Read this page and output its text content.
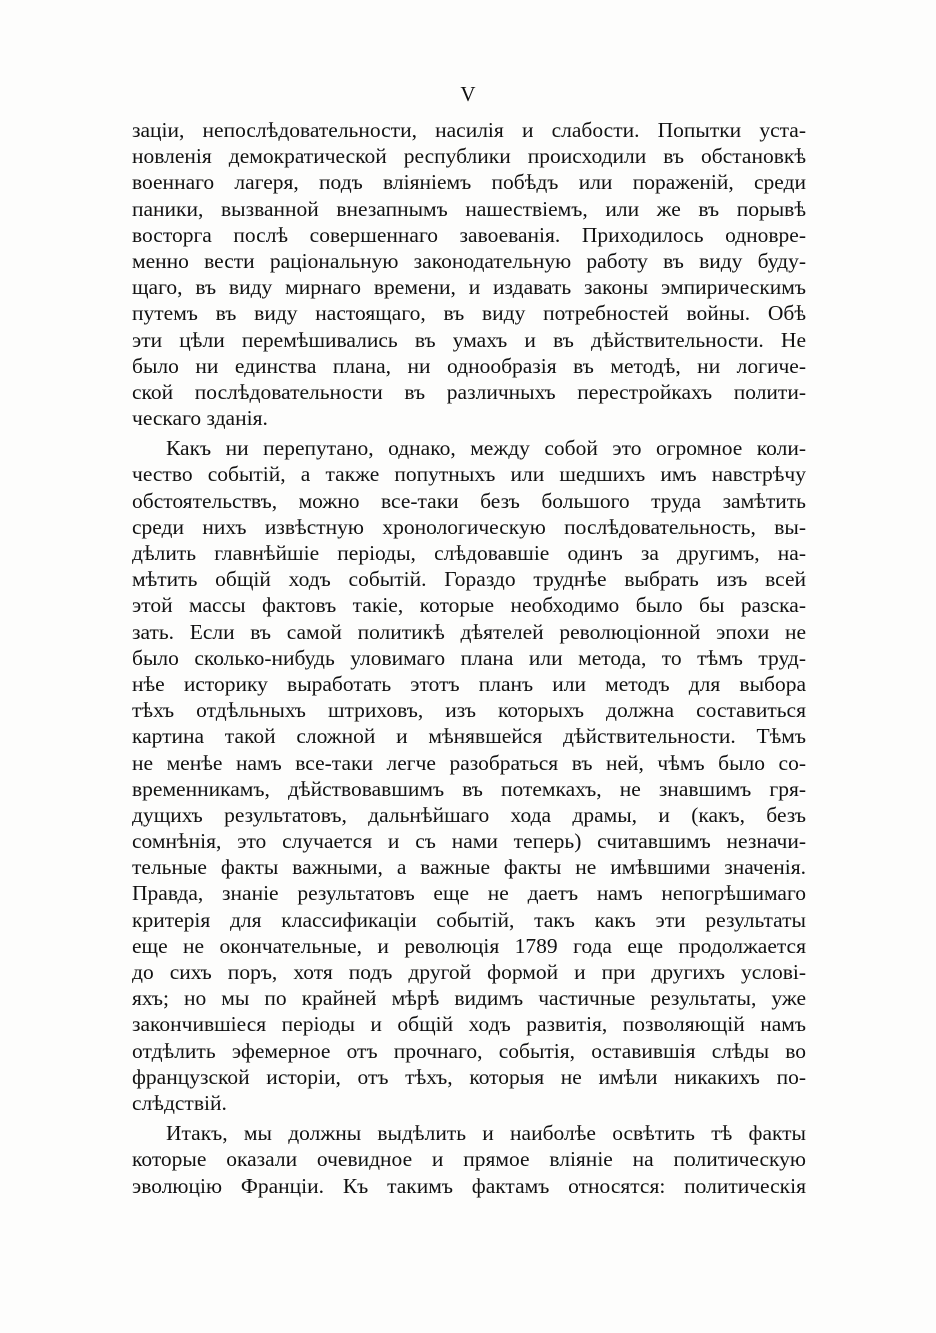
V

заціи, непослѣдовательности, насилія и слабости. Попытки уста-
новленія демократической республики происходили въ обстановкѣ
военнаго лагеря, подъ вліяніемъ побѣдъ или пораженій, среди
паники, вызванной внезапнымъ нашествіемъ, или же въ порывѣ
восторга послѣ совершеннаго завоеванія. Приходилось одновре-
менно вести раціональную законодательную работу въ виду буду-
щаго, въ виду мирнаго времени, и издавать законы эмпирическимъ
путемъ въ виду настоящаго, въ виду потребностей войны. Обѣ
эти цѣли перемѣшивались въ умахъ и въ дѣйствительности. Не
было ни единства плана, ни однообразія въ методѣ, ни логиче-
ской послѣдовательности въ различныхъ перестройкахъ полити-
ческаго зданія.

Какъ ни перепутано, однако, между собой это огромное коли-
чество событій, а также попутныхъ или шедшихъ имъ навстрѣчу
обстоятельствъ, можно все-таки безъ большого труда замѣтить
среди нихъ извѣстную хронологическую послѣдовательность, вы-
дѣлить главнѣйшіе періоды, слѣдовавшіе одинъ за другимъ, на-
мѣтить общій ходъ событій. Гораздо труднѣе выбрать изъ всей
этой массы фактовъ такіе, которые необходимо было бы разска-
зать. Если въ самой политикѣ дѣятелей революціонной эпохи не
было сколько-нибудь уловимаго плана или метода, то тѣмъ труд-
нѣе историку выработать этотъ планъ или методъ для выбора
тѣхъ отдѣльныхъ штриховъ, изъ которыхъ должна составиться
картина такой сложной и мѣнявшейся дѣйствительности. Тѣмъ
не менѣе намъ все-таки легче разобраться въ ней, чѣмъ было со-
временникамъ, дѣйствовавшимъ въ потемкахъ, не знавшимъ гря-
дущихъ результатовъ, дальнѣйшаго хода драмы, и (какъ, безъ
сомнѣнія, это случается и съ нами теперь) считавшимъ незначи-
тельные факты важными, а важные факты не имѣвшими значенія.
Правда, знаніе результатовъ еще не даетъ намъ непогрѣшимаго
критерія для классификаціи событій, такъ какъ эти результаты
еще не окончательные, и революція 1789 года еще продолжается
до сихъ поръ, хотя подъ другой формой и при другихъ услові-
яхъ; но мы по крайней мѣрѣ видимъ частичные результаты, уже
закончившіеся періоды и общій ходъ развитія, позволяющій намъ
отдѣлить эфемерное отъ прочнаго, событія, оставившія слѣды во
французской исторіи, отъ тѣхъ, которыя не имѣли никакихъ по-
слѣдствій.

Итакъ, мы должны выдѣлить и наиболѣе освѣтить тѣ факты
которые оказали очевидное и прямое вліяніе на политическую
эволюцію Франціи. Къ такимъ фактамъ относятся: политическія
